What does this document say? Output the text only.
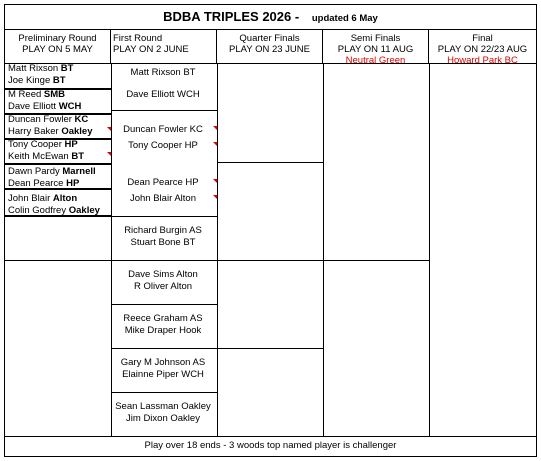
BDBA TRIPLES 2026 - updated 6 May
Preliminary Round
PLAY ON 5 MAY
First Round
PLAY ON 2 JUNE
Quarter Finals
PLAY ON 23 JUNE
Semi Finals
PLAY ON 11 AUG
Neutral Green
Final
PLAY ON 22/23 AUG
Howard Park BC
Matt Rixson BT
Joe Kinge BT
M Reed SMB
Dave Elliott WCH
Duncan Fowler KC
Harry Baker Oakley
Tony Cooper HP
Keith McEwan BT
Dawn Pardy Marnell
Dean Pearce HP
John Blair Alton
Colin Godfrey Oakley
Matt Rixson BT
Dave Elliott WCH
Duncan Fowler KC
Tony Cooper HP
Dean Pearce HP
John Blair Alton
Richard Burgin AS
Stuart Bone BT
Dave Sims Alton
R Oliver Alton
Reece Graham AS
Mike Draper Hook
Gary M Johnson AS
Elainne Piper WCH
Sean Lassman Oakley
Jim Dixon Oakley
Play over 18 ends - 3 woods top named player is challenger
